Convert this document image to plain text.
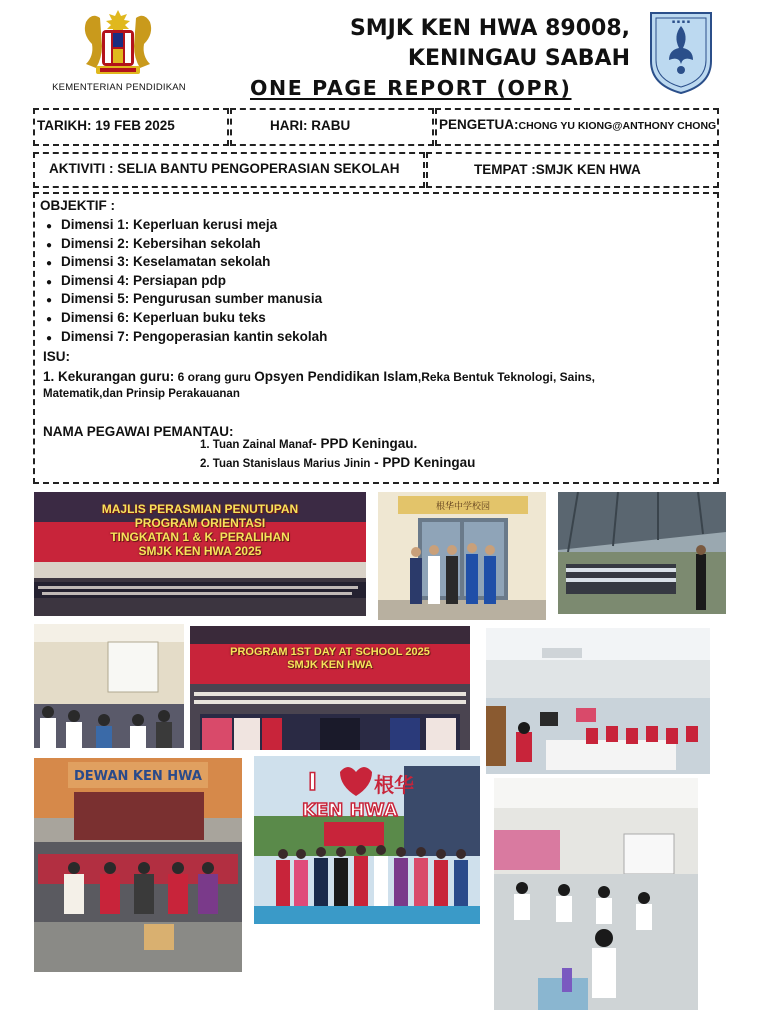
KEMENTERIAN PENDIDIKAN
SMJK KEN HWA 89008,
KENINGAU SABAH
▪ ▪ ▪ ▪
ONE PAGE REPORT (OPR)
TARIKH: 19 FEB 2025	HARI: RABU	PENGETUA:CHONG YU KIONG@ANTHONY CHONG
AKTIVITI : SELIA BANTU PENGOPERASIAN SEKOLAH	TEMPAT :SMJK KEN HWA
OBJEKTIF :
● Dimensi 1: Keperluan kerusi meja
● Dimensi 2: Kebersihan sekolah
● Dimensi 3: Keselamatan sekolah
● Dimensi 4: Persiapan pdp
● Dimensi 5: Pengurusan sumber manusia
● Dimensi 6: Keperluan buku teks
● Dimensi 7: Pengoperasian kantin sekolah
ISU:
1. Kekurangan guru: 6 orang guru Opsyen Pendidikan Islam,Reka Bentuk Teknologi, Sains,
Matematik,dan Prinsip Perakauanan
NAMA PEGAWAI PEMANTAU:
1. Tuan Zainal Manaf- PPD Keningau.
2. Tuan Stanislaus Marius Jinin - PPD Keningau
MAJLIS PERASMIAN PENUTUPAN
PROGRAM ORIENTASI
TINGKATAN 1 & K. PERALIHAN
SMJK KEN HWA 2025
根华中学校园
PROGRAM 1ST DAY AT SCHOOL 2025
SMJK KEN HWA
DEWAN KEN HWA	I	根华
KEN HWA
